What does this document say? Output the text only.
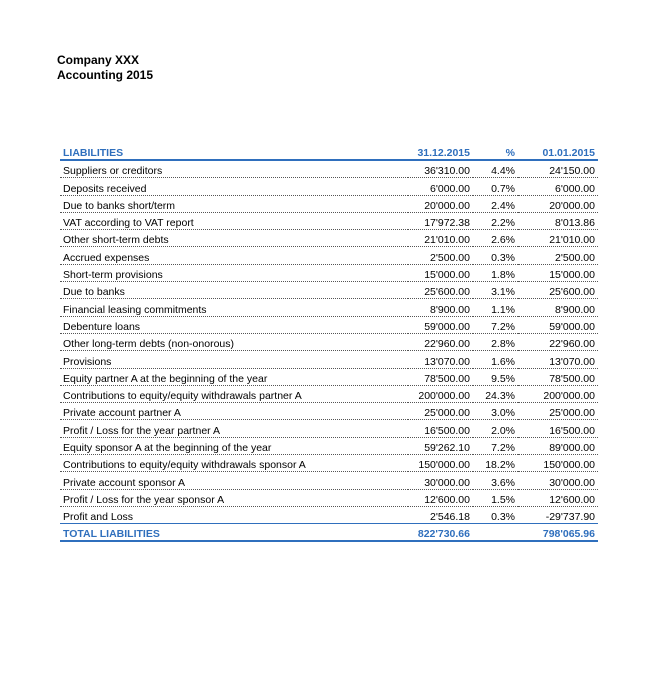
Company XXX
Accounting 2015
LIABILITIES	31.12.2015	%	01.01.2015
Suppliers or creditors	36'310.00	4.4%	24'150.00
Deposits received	6'000.00	0.7%	6'000.00
Due to banks short/term	20'000.00	2.4%	20'000.00
VAT according to VAT report	17'972.38	2.2%	8'013.86
Other short-term debts	21'010.00	2.6%	21'010.00
Accrued expenses	2'500.00	0.3%	2'500.00
Short-term provisions	15'000.00	1.8%	15'000.00
Due to banks	25'600.00	3.1%	25'600.00
Financial leasing commitments	8'900.00	1.1%	8'900.00
Debenture loans	59'000.00	7.2%	59'000.00
Other long-term debts (non-onorous)	22'960.00	2.8%	22'960.00
Provisions	13'070.00	1.6%	13'070.00
Equity partner A at the beginning of the year	78'500.00	9.5%	78'500.00
Contributions to equity/equity withdrawals partner A	200'000.00	24.3%	200'000.00
Private account partner A	25'000.00	3.0%	25'000.00
Profit / Loss for the year partner A	16'500.00	2.0%	16'500.00
Equity sponsor A at the beginning of the year	59'262.10	7.2%	89'000.00
Contributions to equity/equity withdrawals sponsor A	150'000.00	18.2%	150'000.00
Private account sponsor A	30'000.00	3.6%	30'000.00
Profit / Loss for the year sponsor A	12'600.00	1.5%	12'600.00
Profit and Loss	2'546.18	0.3%	-29'737.90
TOTAL LIABILITIES	822'730.66		798'065.96
